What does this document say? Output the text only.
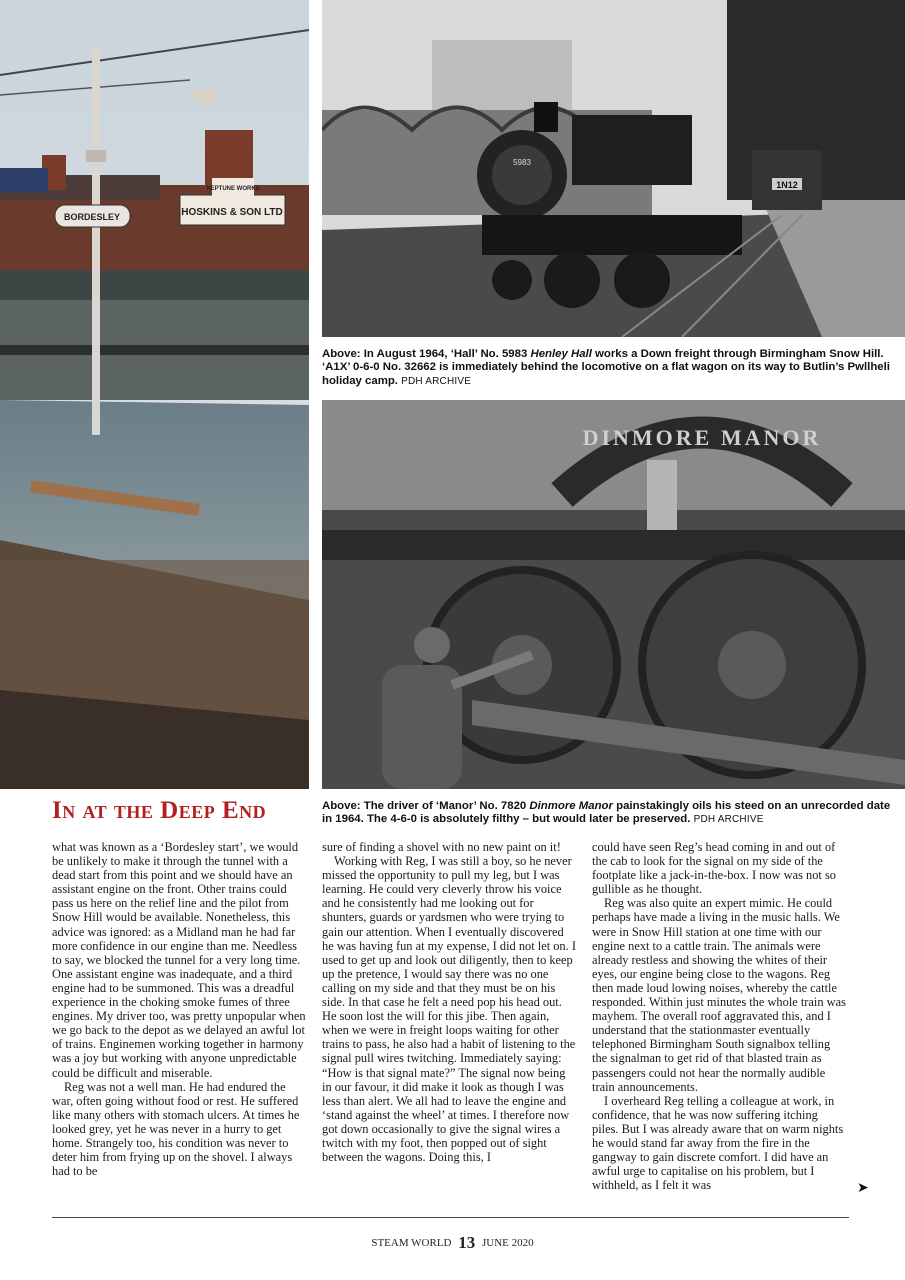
HOSKINS & SON LTD
NEPTUNE WORKS
BORDESLEY
5983
1N12
Above: In August 1964, ‘Hall’ No. 5983 Henley Hall works a Down freight through Birmingham Snow Hill. ‘A1X’ 0-6-0 No. 32662 is immediately behind the locomotive on a flat wagon on its way to Butlin’s Pwllheli holiday camp. PDH ARCHIVE
DINMORE MANOR
Above: The driver of ‘Manor’ No. 7820 Dinmore Manor painstakingly oils his steed on an unrecorded date in 1964. The 4-6-0 is absolutely filthy – but would later be preserved. PDH ARCHIVE
In at the Deep End

what was known as a ‘Bordesley start’, we would be unlikely to make it through the tunnel with a dead start from this point and we should have an assistant engine on the front. Other trains could pass us here on the relief line and the pilot from Snow Hill would be available. Nonetheless, this advice was ignored: as a Midland man he had far more confidence in our engine than me. Needless to say, we blocked the tunnel for a very long time. One assistant engine was inadequate, and a third engine had to be summoned. This was a dreadful experience in the choking smoke fumes of three engines. My driver too, was pretty unpopular when we go back to the depot as we delayed an awful lot of trains. Enginemen working together in harmony was a joy but working with anyone unpredictable could be difficult and miserable.

Reg was not a well man. He had endured the war, often going without food or rest. He suffered like many others with stomach ulcers. At times he looked grey, yet he was never in a hurry to get home. Strangely too, his condition was never to deter him from frying up on the shovel. I always had to be

sure of finding a shovel with no new paint on it!

Working with Reg, I was still a boy, so he never missed the opportunity to pull my leg, but I was learning. He could very cleverly throw his voice and he consistently had me looking out for shunters, guards or yardsmen who were trying to gain our attention. When I eventually discovered he was having fun at my expense, I did not let on. I used to get up and look out diligently, then to keep up the pretence, I would say there was no one calling on my side and that they must be on his side. In that case he felt a need pop his head out. He soon lost the will for this jibe. Then again, when we were in freight loops waiting for other trains to pass, he also had a habit of listening to the signal pull wires twitching. Immediately saying: “How is that signal mate?” The signal now being in our favour, it did make it look as though I was less than alert. We all had to leave the engine and ‘stand against the wheel’ at times. I therefore now got down occasionally to give the signal wires a twitch with my foot, then popped out of sight between the wagons. Doing this, I

could have seen Reg’s head coming in and out of the cab to look for the signal on my side of the footplate like a jack-in-the-box. I now was not so gullible as he thought.

Reg was also quite an expert mimic. He could perhaps have made a living in the music halls. We were in Snow Hill station at one time with our engine next to a cattle train. The animals were already restless and showing the whites of their eyes, our engine being close to the wagons. Reg then made loud lowing noises, whereby the cattle responded. Within just minutes the whole train was mayhem. The overall roof aggravated this, and I understand that the stationmaster eventually telephoned Birmingham South signalbox telling the signalman to get rid of that blasted train as passengers could not hear the normally audible train announcements.

I overheard Reg telling a colleague at work, in confidence, that he was now suffering itching piles. But I was already aware that on warm nights he would stand far away from the fire in the gangway to gain discrete comfort. I did have an awful urge to capitalise on his problem, but I withheld, as I felt it was	➤
STEAM WORLD 13 JUNE 2020
